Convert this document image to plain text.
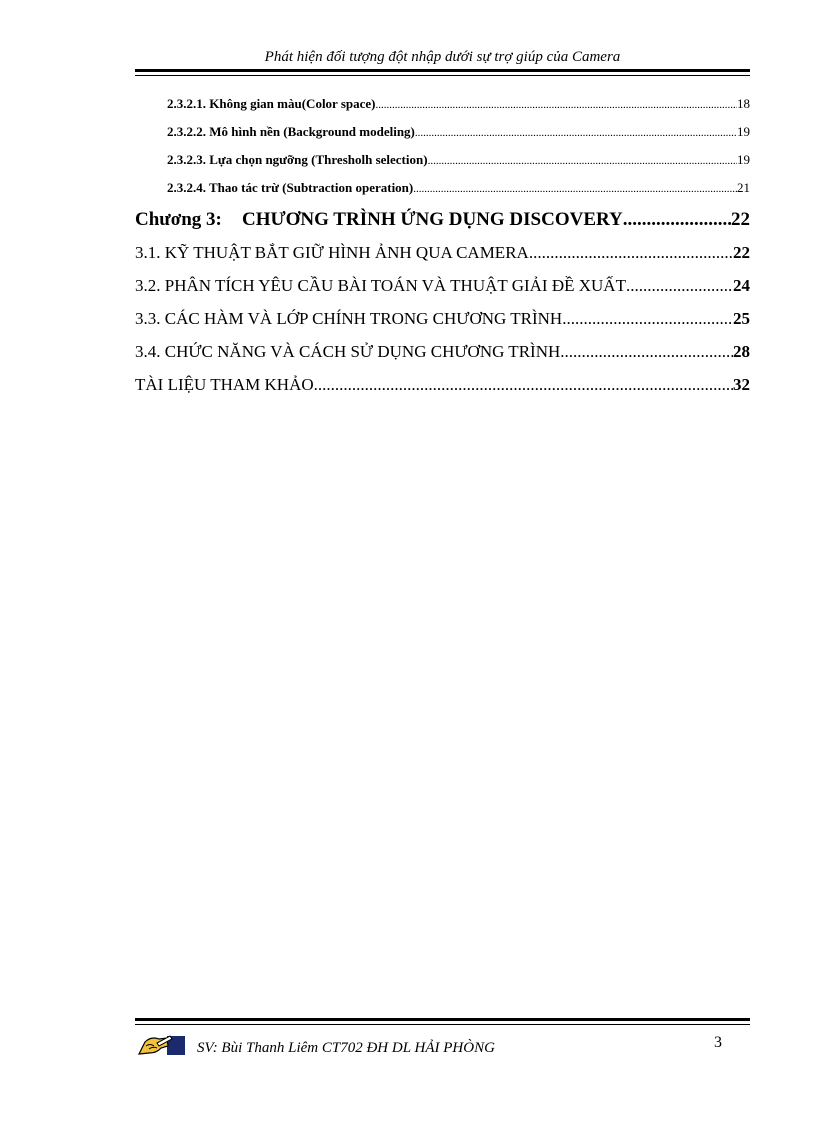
Phát hiện đối tượng đột nhập dưới sự trợ giúp của Camera
2.3.2.1. Không gian màu(Color space) .....	18
2.3.2.2. Mô hình nền (Background modeling) .....	19
2.3.2.3. Lựa chọn ngưỡng (Thresholh selection) .....	19
2.3.2.4. Thao tác trừ (Subtraction operation) .....	21
Chương 3: CHƯƠNG TRÌNH ỨNG DỤNG DISCOVERY .....	22
3.1. KỸ THUẬT BẮT GIỮ HÌNH ẢNH QUA CAMERA .....	22
3.2. PHÂN TÍCH YÊU CẦU BÀI TOÁN VÀ THUẬT GIẢI ĐỀ XUẤT .....	24
3.3. CÁC HÀM VÀ LỚP CHÍNH TRONG CHƯƠNG TRÌNH .....	25
3.4. CHỨC NĂNG VÀ CÁCH SỬ DỤNG CHƯƠNG TRÌNH .....	28
TÀI LIỆU THAM KHẢO .....	32
SV: Bùi Thanh Liêm CT702 ĐH DL HẢI PHÒNG	3
